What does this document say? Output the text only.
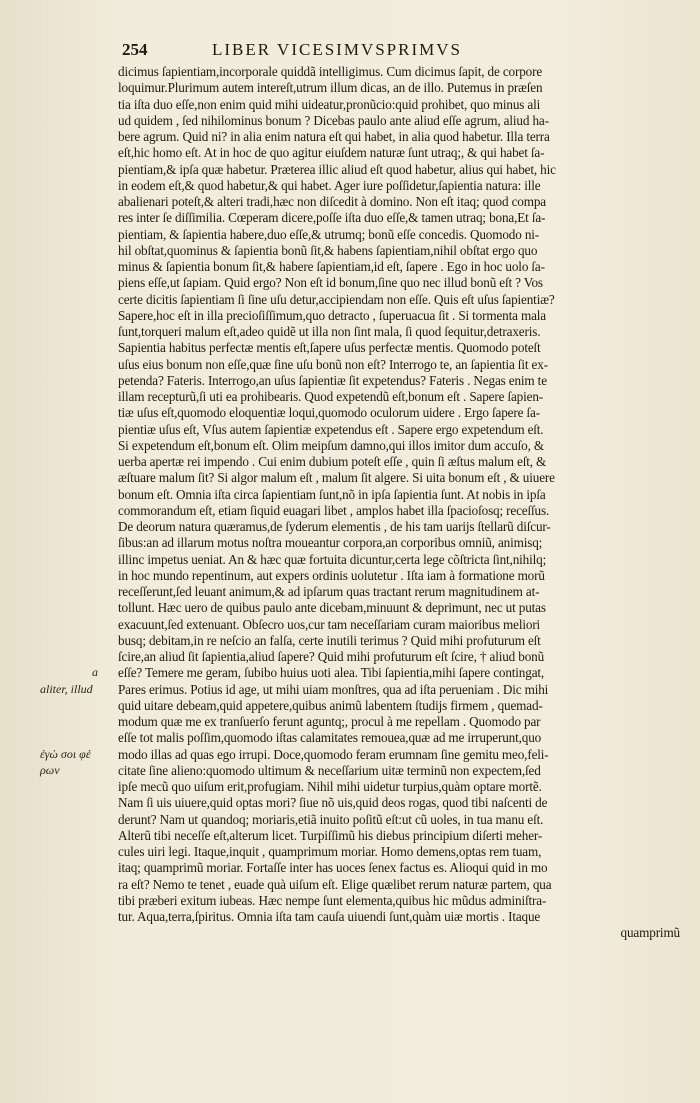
254	LIBER VICESIMVSPRIMVS
a
aliter, illud
ἐγὼ σοι φέ
ρων
dicimus ſapientiam,incorporale quiddã intelligimus. Cum dicimus ſapit, de corpore
loquimur.Plurimum autem intereſt,utrum illum dicas, an de illo. Putemus in præſen
tia iſta duo eſſe,non enim quid mihi uideatur,pronũcio:quid prohibet, quo minus ali
ud quidem , ſed nihilominus bonum ? Dicebas paulo ante aliud eſſe agrum, aliud ha-
bere agrum. Quid ni? in alia enim natura eſt qui habet, in alia quod habetur. Illa terra
eſt,hic homo eſt. At in hoc de quo agitur eiuſdem naturæ ſunt utraq;, & qui habet ſa-
pientiam,& ipſa quæ habetur. Præterea illic aliud eſt quod habetur, alius qui habet, hic
in eodem eſt,& quod habetur,& qui habet. Ager iure poſſidetur,ſapientia natura: ille
abalienari poteſt,& alteri tradi,hæc non diſcedit à domino. Non eſt itaq; quod compa
res inter ſe diſſimilia. Cœperam dicere,poſſe iſta duo eſſe,& tamen utraq; bona,Et ſa-
pientiam, & ſapientia habere,duo eſſe,& utrumq; bonũ eſſe concedis. Quomodo ni-
hil obſtat,quominus & ſapientia bonũ ſit,& habens ſapientiam,nihil obſtat ergo quo
minus & ſapientia bonum ſit,& habere ſapientiam,id eſt, ſapere . Ego in hoc uolo ſa-
piens eſſe,ut ſapiam. Quid ergo? Non eſt id bonum,ſine quo nec illud bonũ eſt ? Vos
certe dicitis ſapientiam ſi ſine uſu detur,accipiendam non eſſe. Quis eſt uſus ſapientiæ?
Sapere,hoc eſt in illa precioſiſſimum,quo detracto , ſuperuacua ſit . Si tormenta mala
ſunt,torqueri malum eſt,adeo quidẽ ut illa non ſint mala, ſi quod ſequitur,detraxeris.
Sapientia habitus perfectæ mentis eſt,ſapere uſus perfectæ mentis. Quomodo poteſt
uſus eius bonum non eſſe,quæ ſine uſu bonũ non eſt? Interrogo te, an ſapientia ſit ex-
petenda? Fateris. Interrogo,an uſus ſapientiæ ſit expetendus? Fateris . Negas enim te
illam recepturũ,ſi uti ea prohibearis. Quod expetendũ eſt,bonum eſt . Sapere ſapien-
tiæ uſus eſt,quomodo eloquentiæ loqui,quomodo oculorum uidere . Ergo ſapere ſa-
pientiæ uſus eſt, Vſus autem ſapientiæ expetendus eſt . Sapere ergo expetendum eſt.
Si expetendum eſt,bonum eſt. Olim meipſum damno,qui illos imitor dum accuſo, &
uerba apertæ rei impendo . Cui enim dubium poteſt eſſe , quin ſi æſtus malum eſt, &
æſtuare malum ſit? Si algor malum eſt , malum ſit algere. Si uita bonum eſt , & uiuere
bonum eſt. Omnia iſta circa ſapientiam ſunt,nõ in ipſa ſapientia ſunt. At nobis in ipſa
commorandum eſt, etiam ſiquid euagari libet , amplos habet illa ſpacioſosq; receſſus.
De deorum natura quæramus,de ſyderum elementis , de his tam uarijs ſtellarũ diſcur-
ſibus:an ad illarum motus noſtra moueantur corpora,an corporibus omniũ, animisq;
illinc impetus ueniat. An & hæc quæ fortuita dicuntur,certa lege cõſtricta ſint,nihilq;
in hoc mundo repentinum, aut expers ordinis uolutetur . Iſta iam à formatione morũ
receſſerunt,ſed leuant animum,& ad ipſarum quas tractant rerum magnitudinem at-
tollunt. Hæc uero de quibus paulo ante dicebam,minuunt & deprimunt, nec ut putas
exacuunt,ſed extenuant. Obſecro uos,cur tam neceſſariam curam maioribus meliori
busq; debitam,in re neſcio an falſa, certe inutili terimus ? Quid mihi profuturum eſt
ſcire,an aliud ſit ſapientia,aliud ſapere? Quid mihi profuturum eſt ſcire, † aliud bonũ
eſſe? Temere me geram, ſubibo huius uoti alea. Tibi ſapientia,mihi ſapere contingat,
Pares erimus. Potius id age, ut mihi uiam monſtres, qua ad iſta perueniam . Dic mihi
quid uitare debeam,quid appetere,quibus animũ labentem ſtudijs firmem , quemad-
modum quæ me ex tranſuerſo ferunt aguntq;, procul à me repellam . Quomodo par
eſſe tot malis poſſim,quomodo iſtas calamitates remouea,quæ ad me irruperunt,quo
modo illas ad quas ego irrupi. Doce,quomodo feram erumnam ſine gemitu meo,feli-
citate ſine alieno:quomodo ultimum & neceſſarium uitæ terminũ non expectem,ſed
ipſe mecũ quo uiſum erit,profugiam. Nihil mihi uidetur turpius,quàm optare mortẽ.
Nam ſi uis uiuere,quid optas mori? ſiue nõ uis,quid deos rogas, quod tibi naſcenti de
derunt? Nam ut quandoq; moriaris,etiã inuito poſitũ eſt:ut cũ uoles, in tua manu eſt.
Alterũ tibi neceſſe eſt,alterum licet. Turpiſſimũ his diebus principium diſerti meher-
cules uiri legi. Itaque,inquit , quamprimum moriar. Homo demens,optas rem tuam,
itaq; quamprimũ moriar. Fortaſſe inter has uoces ſenex factus es. Alioqui quid in mo
ra eſt? Nemo te tenet , euade quà uiſum eſt. Elige quælibet rerum naturæ partem, qua
tibi præberi exitum iubeas. Hæc nempe ſunt elementa,quibus hic mũdus adminiſtra-
tur. Aqua,terra,ſpiritus. Omnia iſta tam cauſa uiuendi ſunt,quàm uiæ mortis . Itaque
quamprimũ
